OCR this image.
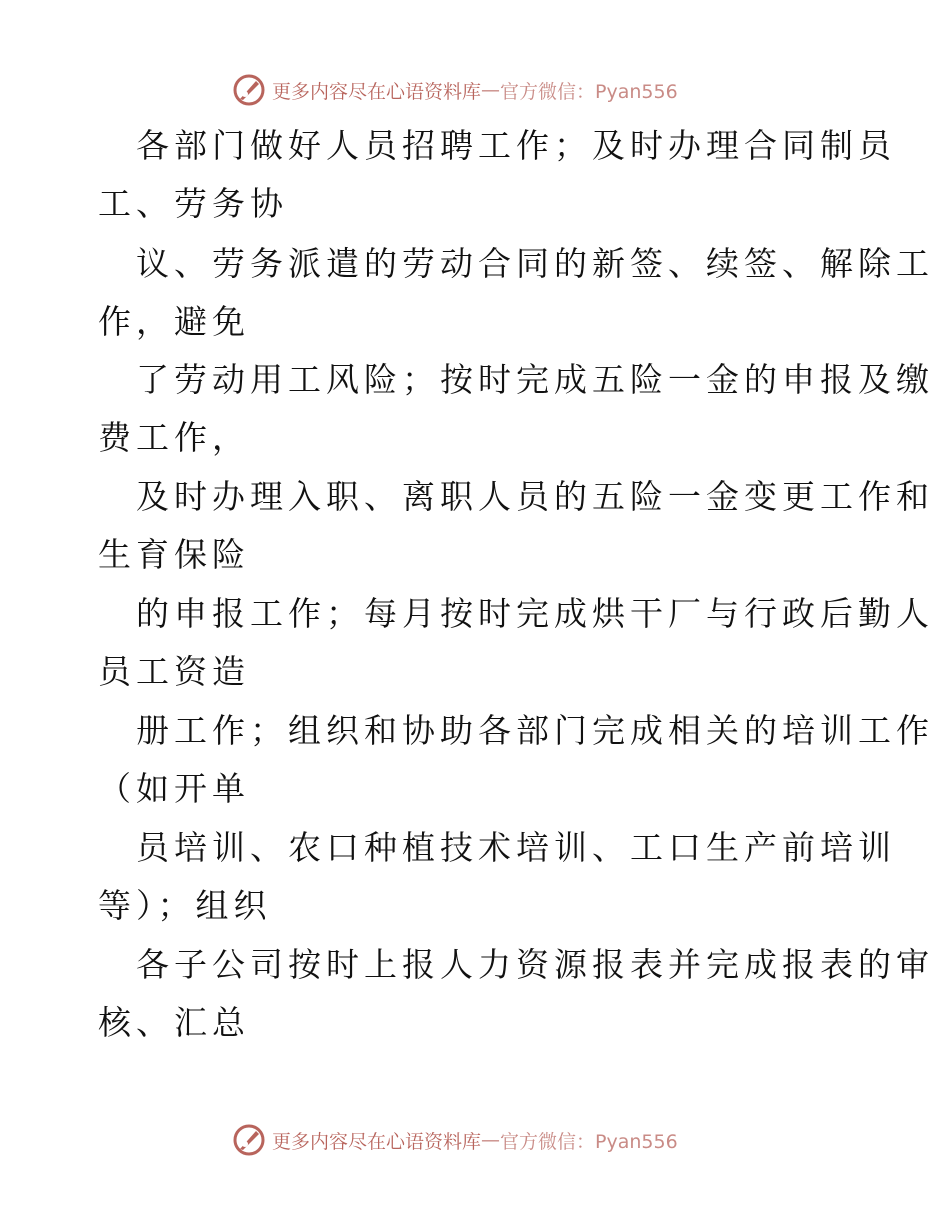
更多内容尽在心语资料库 — 官方微信：Pyan556
各部门做好人员招聘工作；及时办理合同制员
工、劳务协
议、劳务派遣的劳动合同的新签、续签、解除工
作，避免
了劳动用工风险；按时完成五险一金的申报及缴
费工作，
及时办理入职、离职人员的五险一金变更工作和
生育保险
的申报工作；每月按时完成烘干厂与行政后勤人
员工资造
册工作；组织和协助各部门完成相关的培训工作
（如开单
员培训、农口种植技术培训、工口生产前培训
等）；组织
各子公司按时上报人力资源报表并完成报表的审
核、汇总
更多内容尽在心语资料库 — 官方微信：Pyan556
